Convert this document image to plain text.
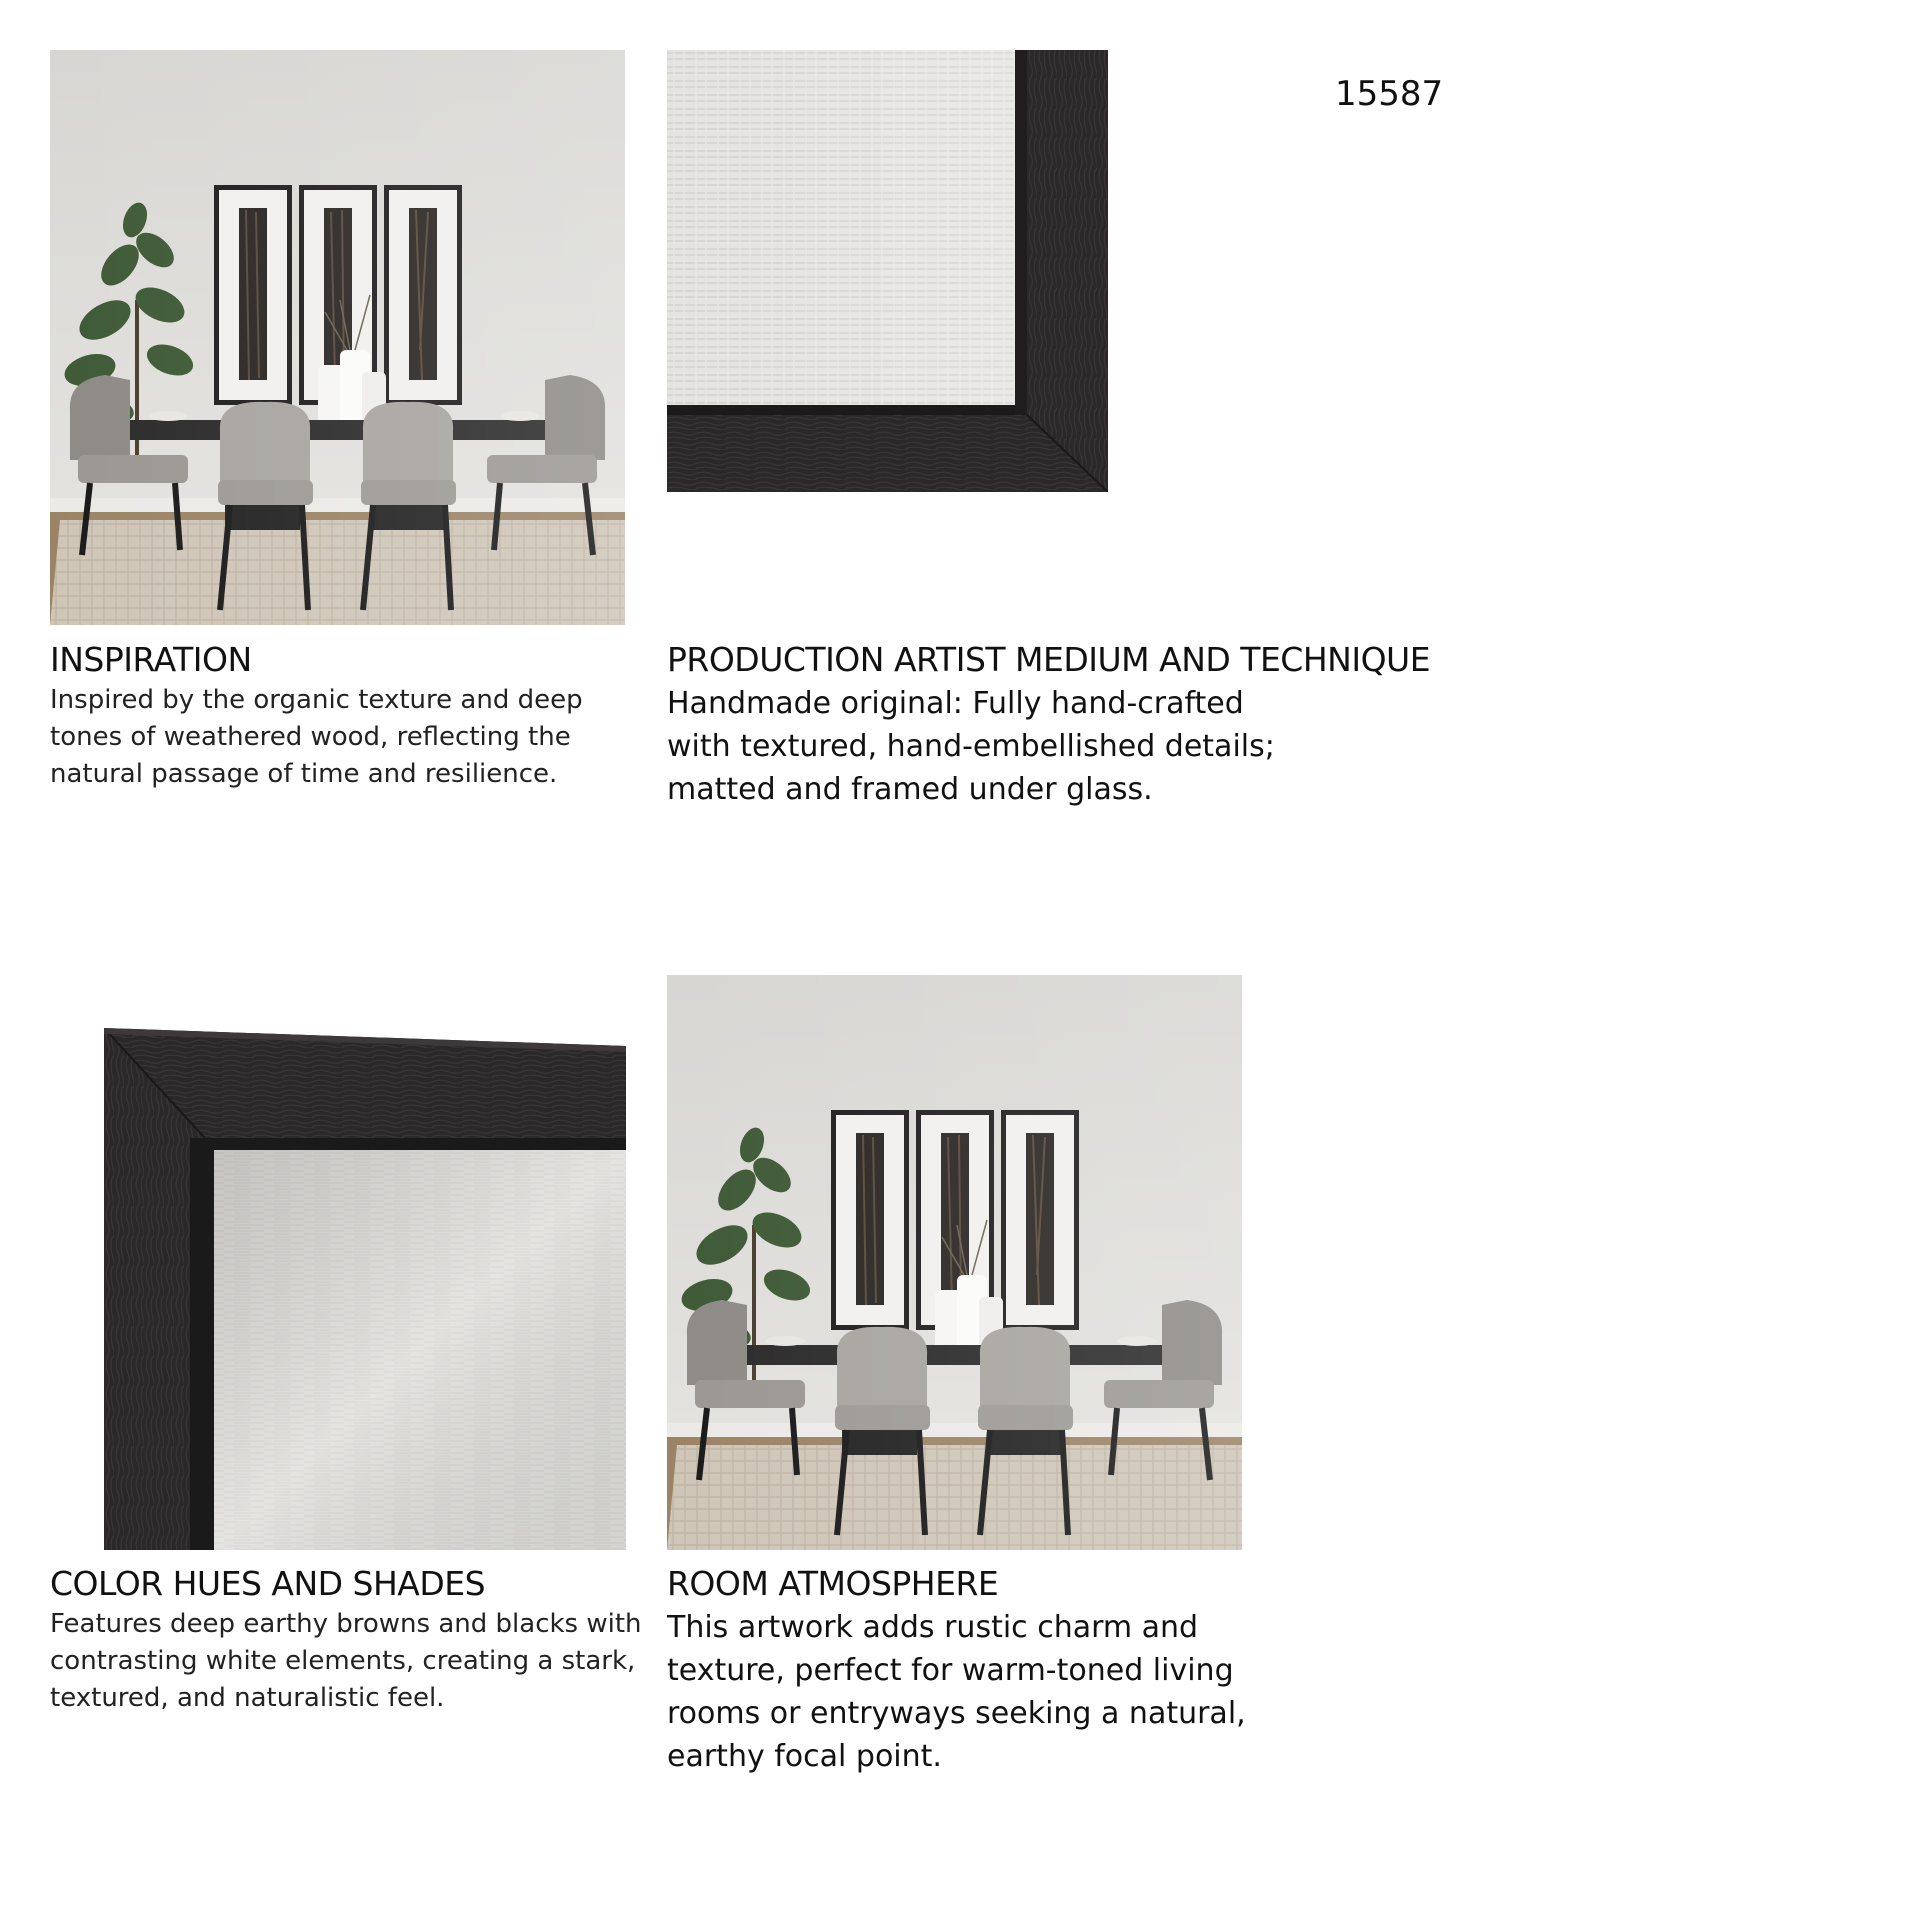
15587
INSPIRATION
Inspired by the organic texture and deep
tones of weathered wood, reflecting the
natural passage of time and resilience.
PRODUCTION ARTIST MEDIUM AND TECHNIQUE
Handmade original: Fully hand-crafted
with textured, hand-embellished details;
matted and framed under glass.
COLOR HUES AND SHADES
Features deep earthy browns and blacks with
contrasting white elements, creating a stark,
textured, and naturalistic feel.
ROOM ATMOSPHERE
This artwork adds rustic charm and
texture, perfect for warm-toned living
rooms or entryways seeking a natural,
earthy focal point.
